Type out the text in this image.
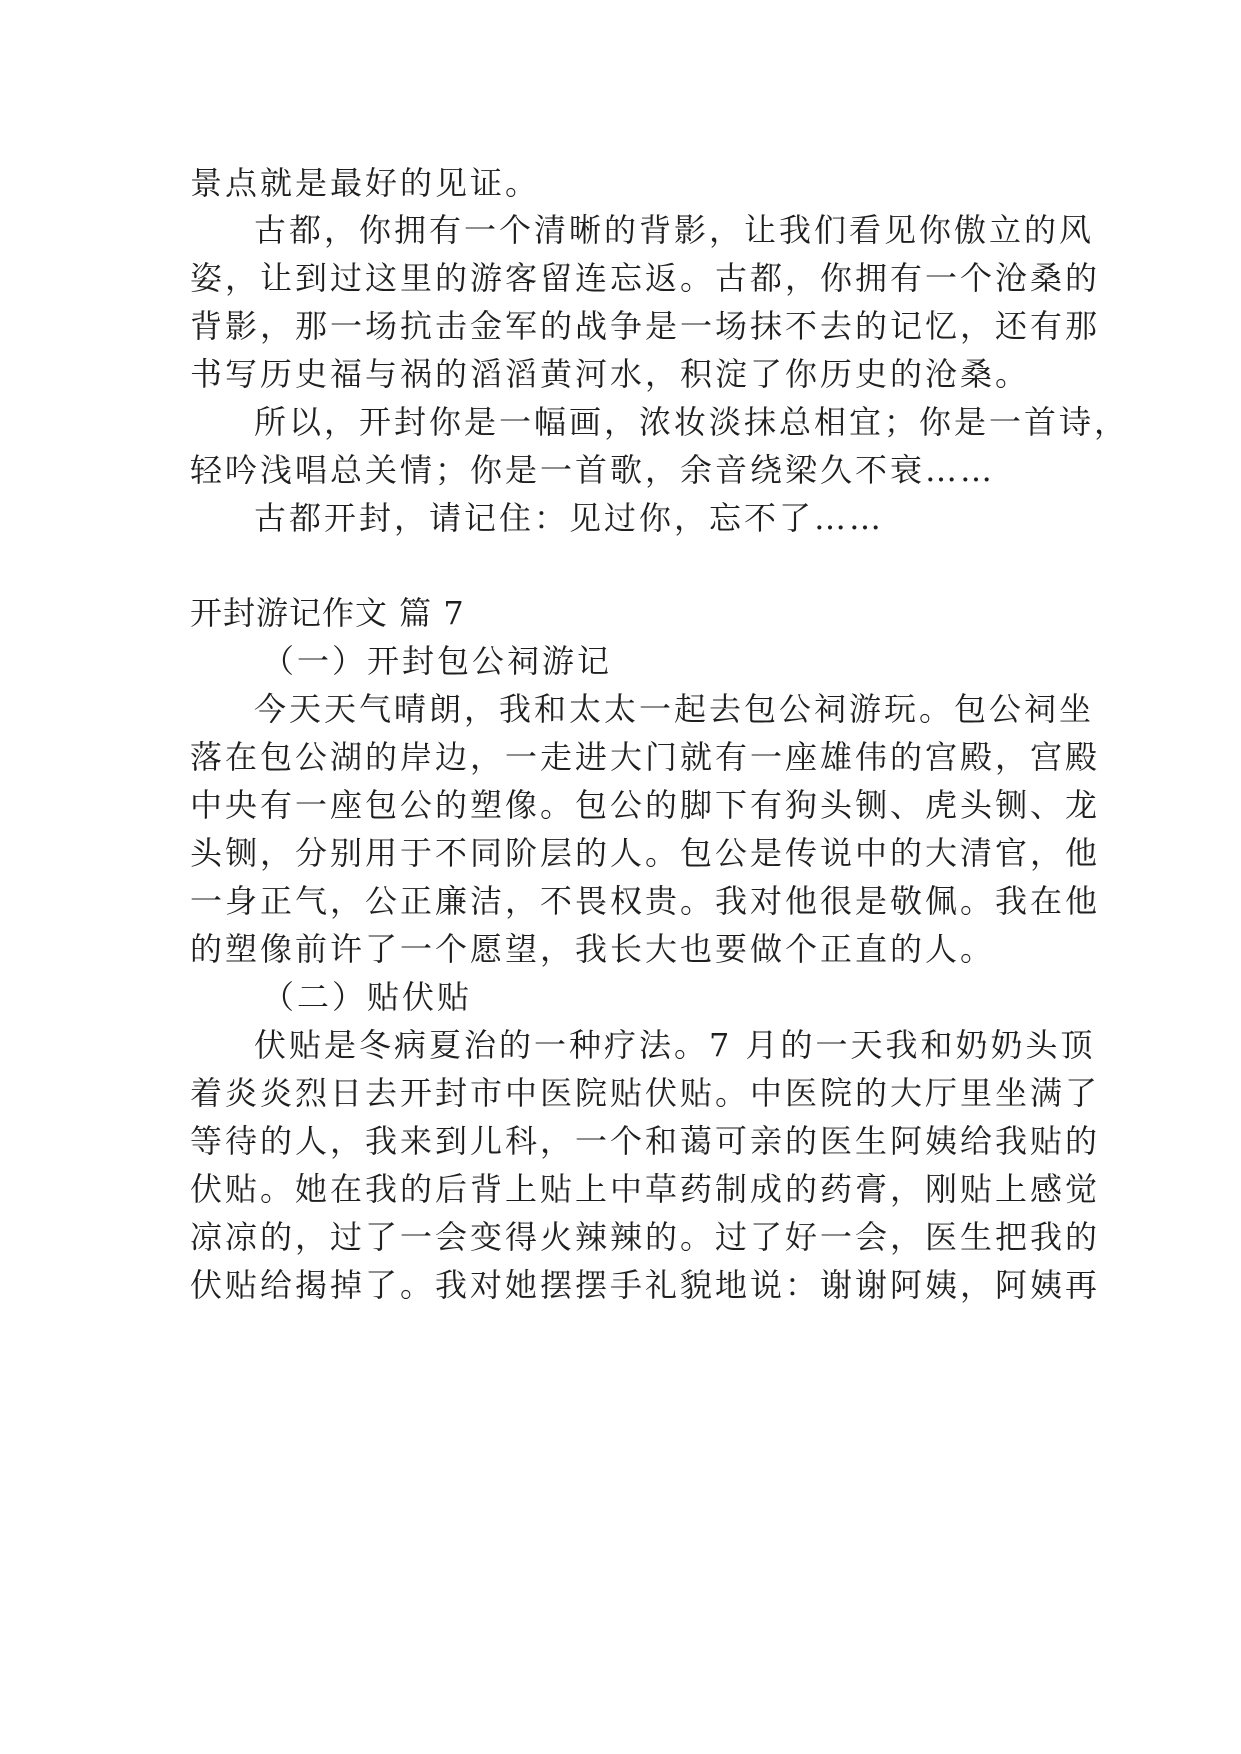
景点就是最好的见证。
古都，你拥有一个清晰的背影，让我们看见你傲立的风
姿，让到过这里的游客留连忘返。古都，你拥有一个沧桑的
背影，那一场抗击金军的战争是一场抹不去的记忆，还有那
书写历史福与祸的滔滔黄河水，积淀了你历史的沧桑。
所以，开封你是一幅画，浓妆淡抹总相宜；你是一首诗，
轻吟浅唱总关情；你是一首歌，余音绕梁久不衰……
古都开封，请记住：见过你，忘不了……
开封游记作文 篇 7
（一）开封包公祠游记
今天天气晴朗，我和太太一起去包公祠游玩。包公祠坐
落在包公湖的岸边，一走进大门就有一座雄伟的宫殿，宫殿
中央有一座包公的塑像。包公的脚下有狗头铡、虎头铡、龙
头铡，分别用于不同阶层的人。包公是传说中的大清官，他
一身正气，公正廉洁，不畏权贵。我对他很是敬佩。我在他
的塑像前许了一个愿望，我长大也要做个正直的人。
（二）贴伏贴
伏贴是冬病夏治的一种疗法。7 月的一天我和奶奶头顶
着炎炎烈日去开封市中医院贴伏贴。中医院的大厅里坐满了
等待的人，我来到儿科，一个和蔼可亲的医生阿姨给我贴的
伏贴。她在我的后背上贴上中草药制成的药膏，刚贴上感觉
凉凉的，过了一会变得火辣辣的。过了好一会，医生把我的
伏贴给揭掉了。我对她摆摆手礼貌地说：谢谢阿姨，阿姨再
